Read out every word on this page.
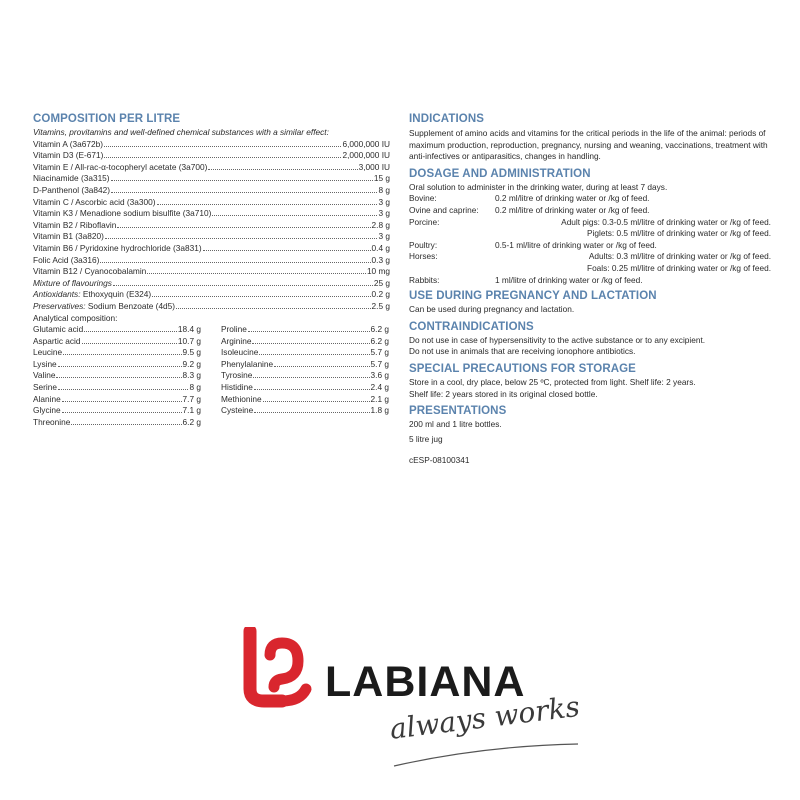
COMPOSITION PER LITRE
Vitamins, provitamins and well-defined chemical substances with a similar effect:
Vitamin A (3a672b)	6,000,000 IU
Vitamin D3 (E-671)	2,000,000 IU
Vitamin E / All-rac-α-tocopheryl acetate (3a700)	3,000 IU
Niacinamide (3a315)	15 g
D-Panthenol (3a842)	8 g
Vitamin C / Ascorbic acid (3a300)	3 g
Vitamin K3 / Menadione sodium bisulfite (3a710)	3 g
Vitamin B2 / Riboflavin	2.8 g
Vitamin B1 (3a820)	3 g
Vitamin B6 / Pyridoxine hydrochloride (3a831)	0.4 g
Folic Acid (3a316)	0.3 g
Vitamin B12 / Cyanocobalamin	10 mg
Mixture of flavourings	25 g
Antioxidants: Ethoxyquin (E324)	0.2 g
Preservatives: Sodium Benzoate (4d5)	2.5 g
Analytical composition:
Glutamic acid	18.4 g
Aspartic acid	10.7 g
Leucine	9.5 g
Lysine	9.2 g
Valine	8.3 g
Serine	8 g
Alanine	7.7 g
Glycine	7.1 g
Threonine	6.2 g
Proline	6.2 g
Arginine	6.2 g
Isoleucine	5.7 g
Phenylalanine	5.7 g
Tyrosine	3.6 g
Histidine	2.4 g
Methionine	2.1 g
Cysteine	1.8 g
INDICATIONS
Supplement of amino acids and vitamins for the critical periods in the life of the animal: periods of maximum production, reproduction, pregnancy, nursing and weaning, vaccinations, treatment with anti-infectives or antiparasitics, changes in handling.
DOSAGE AND ADMINISTRATION
Oral solution to administer in the drinking water, during at least 7 days.
Bovine:	0.2 ml/litre of drinking water or /kg of feed.
Ovine and caprine:	0.2 ml/litre of drinking water or /kg of feed.
Porcine:	Adult pigs: 0.3-0.5 ml/litre of drinking water or /kg of feed.
Piglets: 0.5 ml/litre of drinking water or /kg of feed.
Poultry:	0.5-1 ml/litre of drinking water or /kg of feed.
Horses:	Adults: 0.3 ml/litre of drinking water or /kg of feed.
Foals: 0.25 ml/litre of drinking water or /kg of feed.
Rabbits:	1 ml/litre of drinking water or /kg of feed.
USE DURING PREGNANCY AND LACTATION
Can be used during pregnancy and lactation.
CONTRAINDICATIONS
Do not use in case of hypersensitivity to the active substance or to any excipient.
Do not use in animals that are receiving ionophore antibiotics.
SPECIAL PRECAUTIONS FOR STORAGE
Store in a cool, dry place, below 25 ºC, protected from light. Shelf life: 2 years.
Shelf life: 2 years stored in its original closed bottle.
PRESENTATIONS
200 ml and 1 litre bottles.
5 litre jug
cESP-08100341
LABIANA
always works
